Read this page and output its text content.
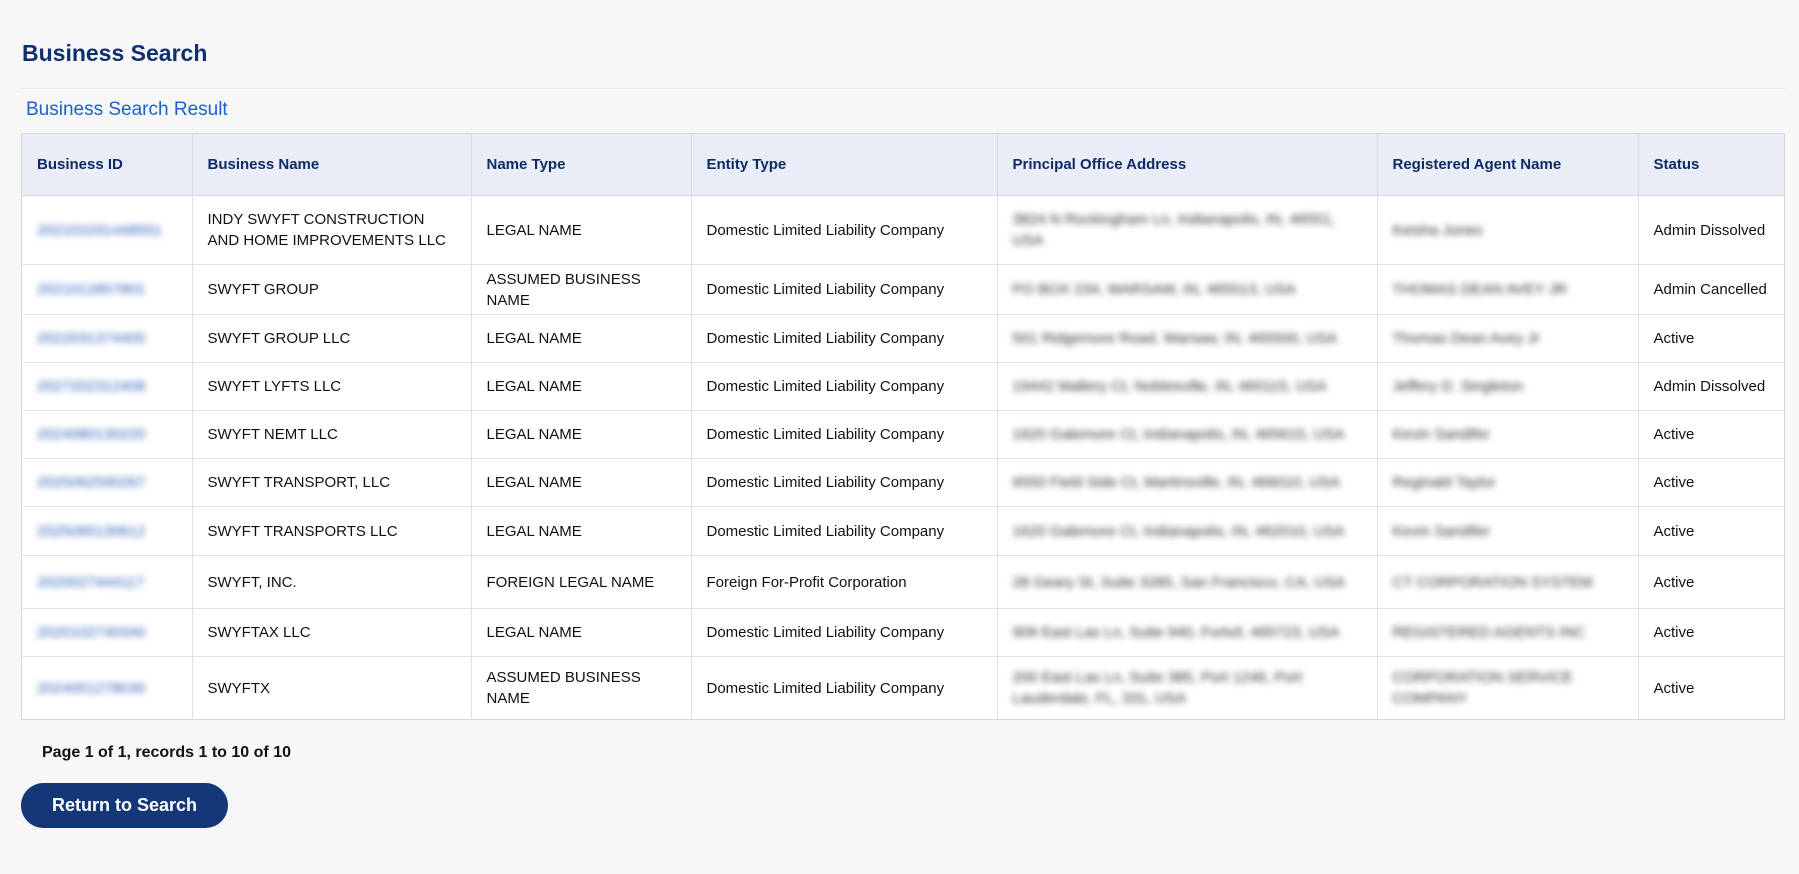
Business Search
Business Search Result
Business ID	Business Name	Name Type	Entity Type	Principal Office Address	Registered Agent Name	Status
202101031448551	INDY SWYFT CONSTRUCTION AND HOME IMPROVEMENTS LLC	LEGAL NAME	Domestic Limited Liability Company	3824 N Rockingham Ln, Indianapolis, IN, 46551, USA	Keisha Jones	Admin Dissolved
2021012857801	SWYFT GROUP	ASSUMED BUSINESS NAME	Domestic Limited Liability Company	PO BOX 234, WARSAW, IN, 465513, USA	THOMAS DEAN AVEY JR	Admin Cancelled
2022031374405	SWYFT GROUP LLC	LEGAL NAME	Domestic Limited Liability Company	501 Ridgemore Road, Warsaw, IN, 465500, USA	Thomas Dean Avey Jr	Active
2027202312408	SWYFT LYFTS LLC	LEGAL NAME	Domestic Limited Liability Company	19442 Mallery Ct, Noblesville, IN, 460115, USA	Jeffery D. Singleton	Admin Dissolved
2024080130220	SWYFT NEMT LLC	LEGAL NAME	Domestic Limited Liability Company	1620 Galemore Ct, Indianapolis, IN, 465615, USA	Kevin Sandifer	Active
2025062590267	SWYFT TRANSPORT, LLC	LEGAL NAME	Domestic Limited Liability Company	6550 Field Side Ct, Martinsville, IN, 466010, USA	Reginald Taylor	Active
2025060130612	SWYFT TRANSPORTS LLC	LEGAL NAME	Domestic Limited Liability Company	1620 Galemore Ct, Indianapolis, IN, 462010, USA	Kevin Sandifer	Active
2020027444117	SWYFT, INC.	FOREIGN LEGAL NAME	Foreign For-Profit Corporation	28 Geary St, Suite 3285, San Francisco, CA, USA	CT CORPORATION SYSTEM	Active
2020102740340	SWYFTAX LLC	LEGAL NAME	Domestic Limited Liability Company	909 East Las Ln, Suite 940, Fortvil, 465723, USA	REGISTERED AGENTS INC	Active
2024051278030	SWYFTX	ASSUMED BUSINESS NAME	Domestic Limited Liability Company	200 East Las Ln, Suite 385, Port 1246, Port Lauderdale, FL, 331, USA	CORPORATION SERVICE COMPANY	Active
Page 1 of 1, records 1 to 10 of 10
Return to Search
